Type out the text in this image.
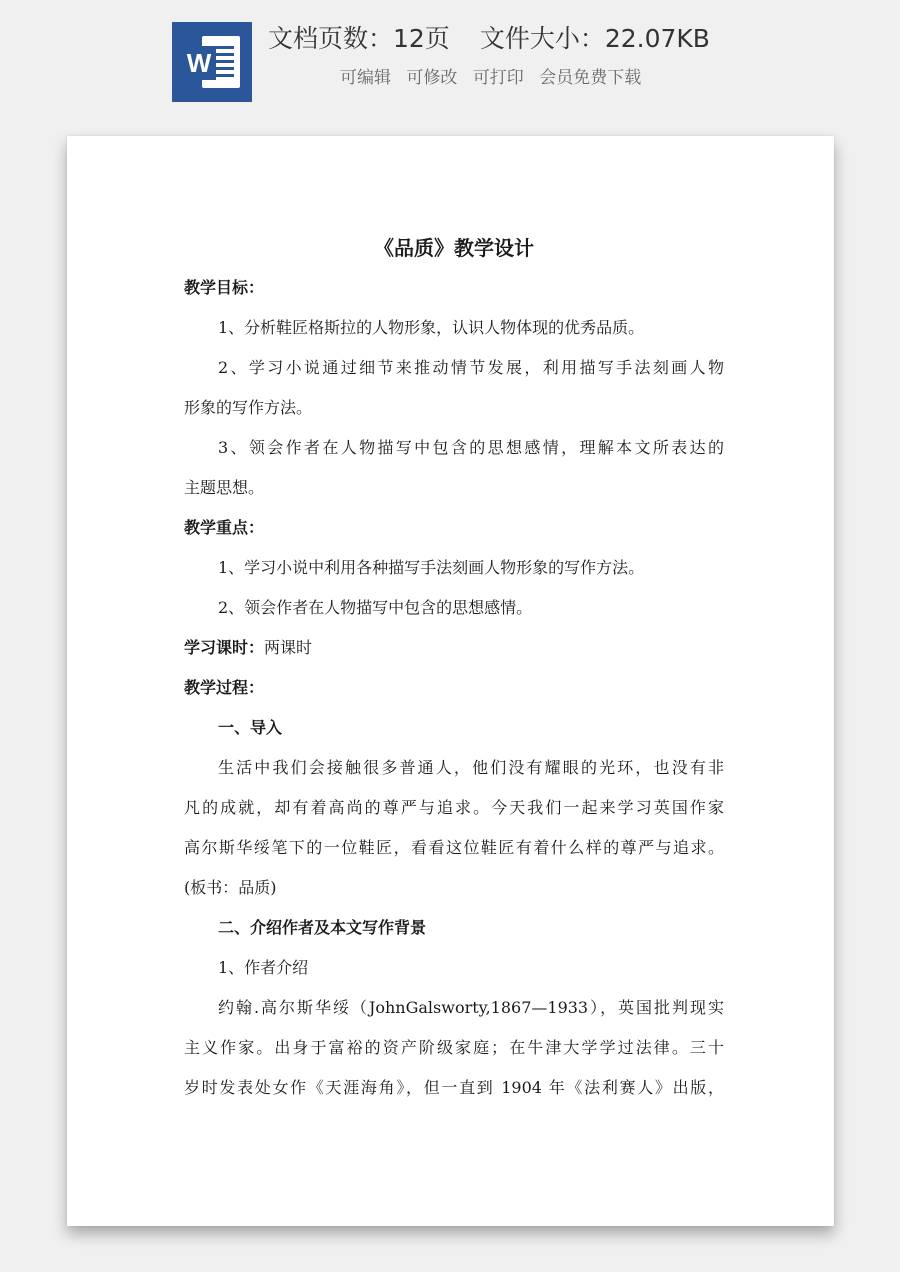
W
文档页数：12页 文件大小：22.07KB
可编辑 可修改 可打印 会员免费下载

《品质》教学设计

教学目标：

1、分析鞋匠格斯拉的人物形象，认识人物体现的优秀品质。

2、学习小说通过细节来推动情节发展，利用描写手法刻画人物

形象的写作方法。

3、领会作者在人物描写中包含的思想感情，理解本文所表达的

主题思想。

教学重点：

1、学习小说中利用各种描写手法刻画人物形象的写作方法。

2、领会作者在人物描写中包含的思想感情。

学习课时：两课时

教学过程：

一、导入

生活中我们会接触很多普通人，他们没有耀眼的光环，也没有非

凡的成就，却有着高尚的尊严与追求。今天我们一起来学习英国作家

高尔斯华绥笔下的一位鞋匠，看看这位鞋匠有着什么样的尊严与追求。

(板书：品质)

二、介绍作者及本文写作背景

1、作者介绍

约翰.高尔斯华绥（JohnGalsworty,1867—1933），英国批判现实

主义作家。出身于富裕的资产阶级家庭；在牛津大学学过法律。三十

岁时发表处女作《天涯海角》，但一直到 1904 年《法利赛人》出版，
